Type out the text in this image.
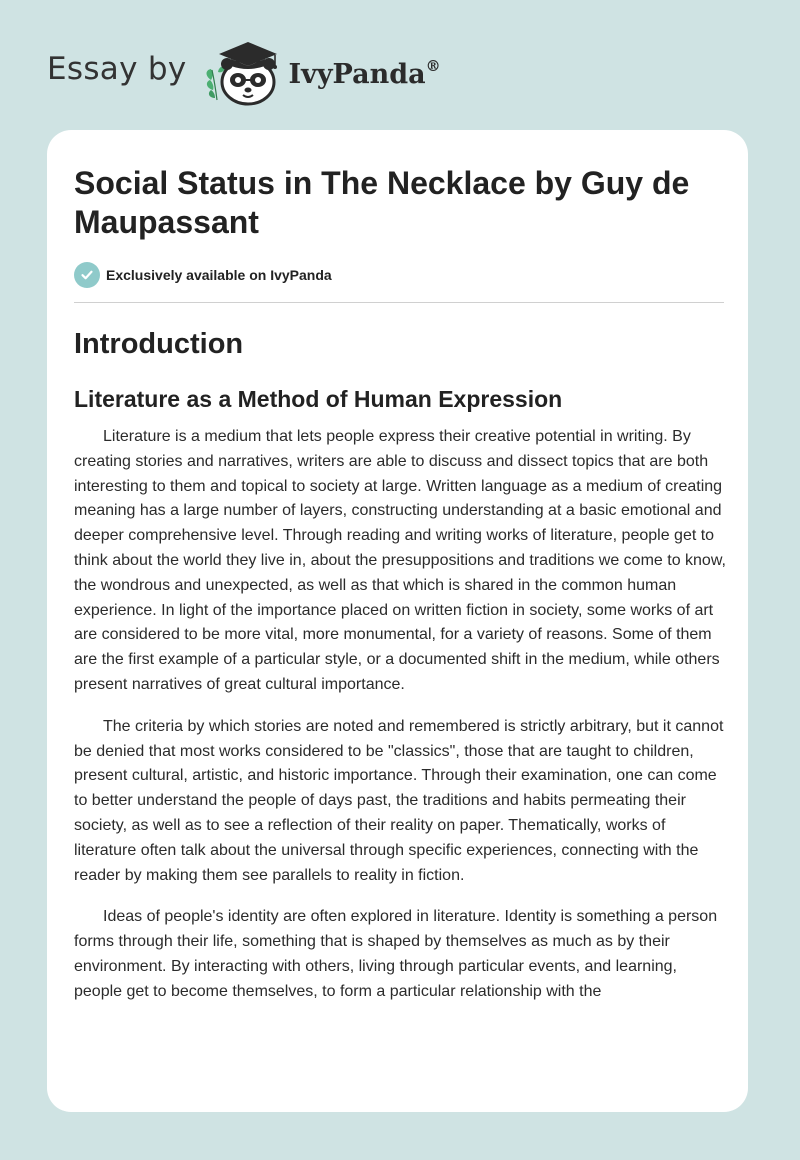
Essay by	IvyPanda®
Social Status in The Necklace by Guy de Maupassant
Exclusively available on IvyPanda
Introduction
Literature as a Method of Human Expression

Literature is a medium that lets people express their creative potential in writing. By creating stories and narratives, writers are able to discuss and dissect topics that are both interesting to them and topical to society at large. Written language as a medium of creating meaning has a large number of layers, constructing understanding at a basic emotional and deeper comprehensive level. Through reading and writing works of literature, people get to think about the world they live in, about the presuppositions and traditions we come to know, the wondrous and unexpected, as well as that which is shared in the common human experience. In light of the importance placed on written fiction in society, some works of art are considered to be more vital, more monumental, for a variety of reasons. Some of them are the first example of a particular style, or a documented shift in the medium, while others present narratives of great cultural importance.

The criteria by which stories are noted and remembered is strictly arbitrary, but it cannot be denied that most works considered to be "classics", those that are taught to children, present cultural, artistic, and historic importance. Through their examination, one can come to better understand the people of days past, the traditions and habits permeating their society, as well as to see a reflection of their reality on paper. Thematically, works of literature often talk about the universal through specific experiences, connecting with the reader by making them see parallels to reality in fiction.

Ideas of people's identity are often explored in literature. Identity is something a person forms through their life, something that is shaped by themselves as much as by their environment. By interacting with others, living through particular events, and learning, people get to become themselves, to form a particular relationship with the
